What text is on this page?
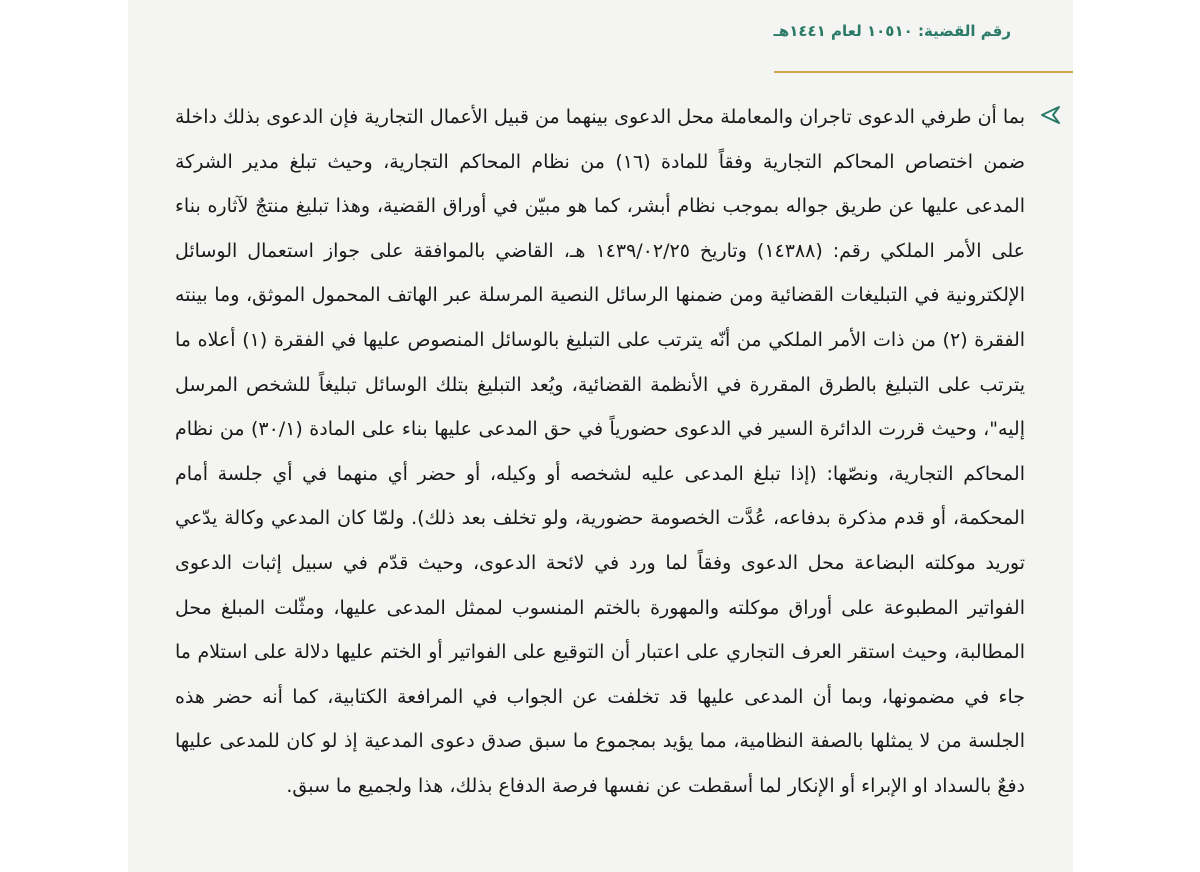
رقم القضية: ١٠٥١٠ لعام ١٤٤١هـ

بما أن طرفي الدعوى تاجران والمعاملة محل الدعوى بينهما من قبيل الأعمال التجارية فإن الدعوى بذلك داخلة ضمن اختصاص المحاكم التجارية وفقاً للمادة (١٦) من نظام المحاكم التجارية، وحيث تبلغ مدير الشركة المدعى عليها عن طريق جواله بموجب نظام أبشر، كما هو مبيّن في أوراق القضية، وهذا تبليغ منتجٌ لآثاره بناء على الأمر الملكي رقم: (١٤٣٨٨) وتاريخ ١٤٣٩/٠٢/٢٥ هـ، القاضي بالموافقة على جواز استعمال الوسائل الإلكترونية في التبليغات القضائية ومن ضمنها الرسائل النصية المرسلة عبر الهاتف المحمول الموثق، وما بينته الفقرة (٢) من ذات الأمر الملكي من أنّه يترتب على التبليغ بالوسائل المنصوص عليها في الفقرة (١) أعلاه ما يترتب على التبليغ بالطرق المقررة في الأنظمة القضائية، ويُعد التبليغ بتلك الوسائل تبليغاً للشخص المرسل إليه"، وحيث قررت الدائرة السير في الدعوى حضورياً في حق المدعى عليها بناء على المادة (٣٠/١) من نظام المحاكم التجارية، ونصّها: (إذا تبلغ المدعى عليه لشخصه أو وكيله، أو حضر أي منهما في أي جلسة أمام المحكمة، أو قدم مذكرة بدفاعه، عُدَّت الخصومة حضورية، ولو تخلف بعد ذلك). ولمّا كان المدعي وكالة يدّعي توريد موكلته البضاعة محل الدعوى وفقاً لما ورد في لائحة الدعوى، وحيث قدّم في سبيل إثبات الدعوى الفواتير المطبوعة على أوراق موكلته والمهورة بالختم المنسوب لممثل المدعى عليها، ومثّلت المبلغ محل المطالبة، وحيث استقر العرف التجاري على اعتبار أن التوقيع على الفواتير أو الختم عليها دلالة على استلام ما جاء في مضمونها، وبما أن المدعى عليها قد تخلفت عن الجواب في المرافعة الكتابية، كما أنه حضر هذه الجلسة من لا يمثلها بالصفة النظامية، مما يؤيد بمجموع ما سبق صدق دعوى المدعية إذ لو كان للمدعى عليها دفعٌ بالسداد او الإبراء أو الإنكار لما أسقطت عن نفسها فرصة الدفاع بذلك، هذا ولجميع ما سبق.
